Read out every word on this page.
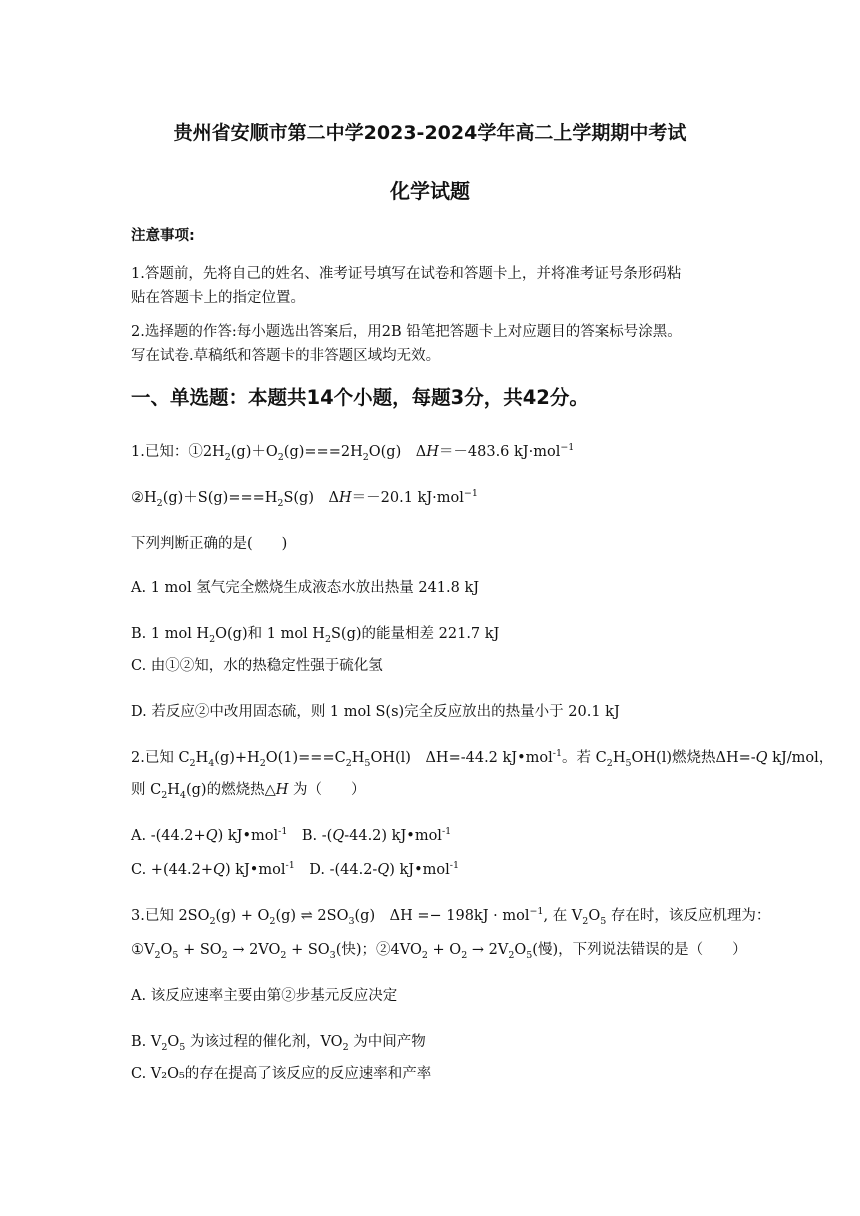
贵州省安顺市第二中学2023-2024学年高二上学期期中考试
化学试题
注意事项:
1.答题前，先将自己的姓名、准考证号填写在试卷和答题卡上，并将准考证号条形码粘
贴在答题卡上的指定位置。
2.选择题的作答:每小题选出答案后，用2B 铅笔把答题卡上对应题目的答案标号涂黑。
写在试卷.草稿纸和答题卡的非答题区域均无效。
一、单选题：本题共14个小题，每题3分，共42分。
1.已知：$①2H_2(g)+O_2(g)===2H_2O(g)$　ΔH＝－483.6 kJ·mol$^{-1}$
$②H_2(g)+S(g)===H_2S(g)$　ΔH＝－20.1 kJ·mol$^{-1}$
下列判断正确的是(　　)
A. 1 mol 氢气完全燃烧生成液态水放出热量 241.8 kJ
B. 1 mol $H_2O(g)$和 1 mol $H_2S(g)$的能量相差 221.7 kJ
C. 由①②知，水的热稳定性强于硫化氢
D. 若反应②中改用固态硫，则 1 mol S(s)完全反应放出的热量小于 20.1 kJ
2.已知 $C_2H_4(g)+H_2O(1)===C_2H_5OH(l)$　ΔH=-44.2 kJ•mol$^{-1}$。若 $C_2H_5OH(l)$燃烧热ΔH=-Q kJ/mol，
则 $C_2H_4(g)$的燃烧热△H 为（　　）
A. -(44.2+Q) kJ•mol$^{-1}$　B. -(Q-44.2) kJ•mol$^{-1}$
C. +(44.2+Q) kJ•mol$^{-1}$　D. -(44.2-Q) kJ•mol$^{-1}$
3.已知 $2SO_2(g) + O_2(g)$ ⇌ $2SO_3(g)$　ΔH =− 198kJ · mol$^{-1}$, 在 $V_2O_5$ 存在时，该反应机理为：
$①V_2O_5 + SO_2 \to 2VO_2 + SO_3$(快)；$②4VO_2 + O_2 \to 2V_2O_5$(慢)，下列说法错误的是（　　）
A. 该反应速率主要由第②步基元反应决定
B. $V_2O_5$ 为该过程的催化剂，$VO_2$ 为中间产物
C. V₂O₅的存在提高了该反应的反应速率和产率
